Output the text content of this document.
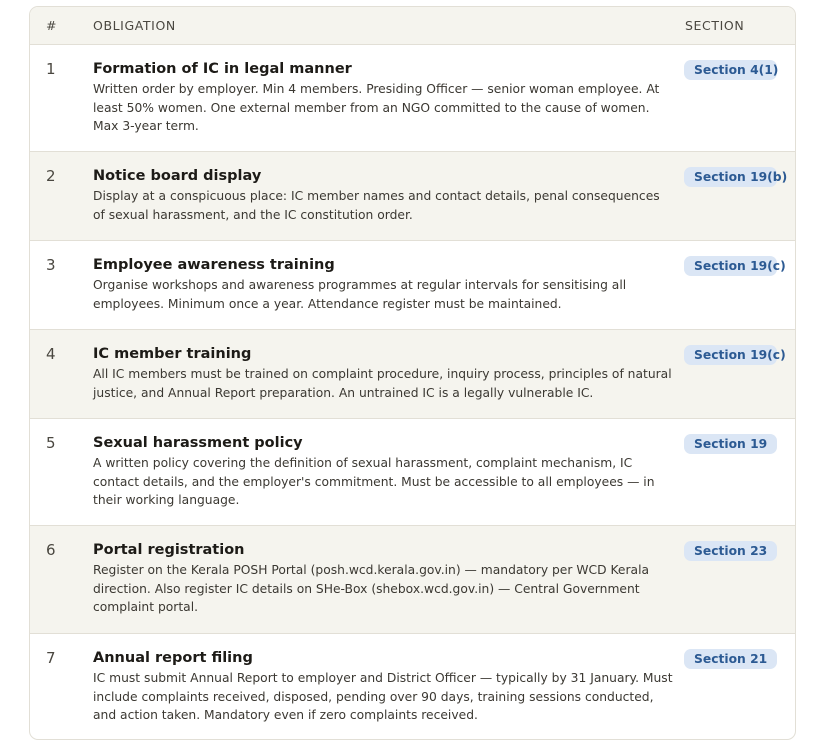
#	OBLIGATION	SECTION
1	Formation of IC in legal manner
Written order by employer. Min 4 members. Presiding Officer — senior woman employee. At least 50% women. One external member from an NGO committed to the cause of women. Max 3-year term.
Section 4(1)
2	Notice board display
Display at a conspicuous place: IC member names and contact details, penal consequences of sexual harassment, and the IC constitution order.
Section 19(b)
3	Employee awareness training
Organise workshops and awareness programmes at regular intervals for sensitising all employees. Minimum once a year. Attendance register must be maintained.
Section 19(c)
4	IC member training
All IC members must be trained on complaint procedure, inquiry process, principles of natural justice, and Annual Report preparation. An untrained IC is a legally vulnerable IC.
Section 19(c)
5	Sexual harassment policy
A written policy covering the definition of sexual harassment, complaint mechanism, IC contact details, and the employer's commitment. Must be accessible to all employees — in their working language.
Section 19
6	Portal registration
Register on the Kerala POSH Portal (posh.wcd.kerala.gov.in) — mandatory per WCD Kerala direction. Also register IC details on SHe-Box (shebox.wcd.gov.in) — Central Government complaint portal.
Section 23
7	Annual report filing
IC must submit Annual Report to employer and District Officer — typically by 31 January. Must include complaints received, disposed, pending over 90 days, training sessions conducted, and action taken. Mandatory even if zero complaints received.
Section 21
